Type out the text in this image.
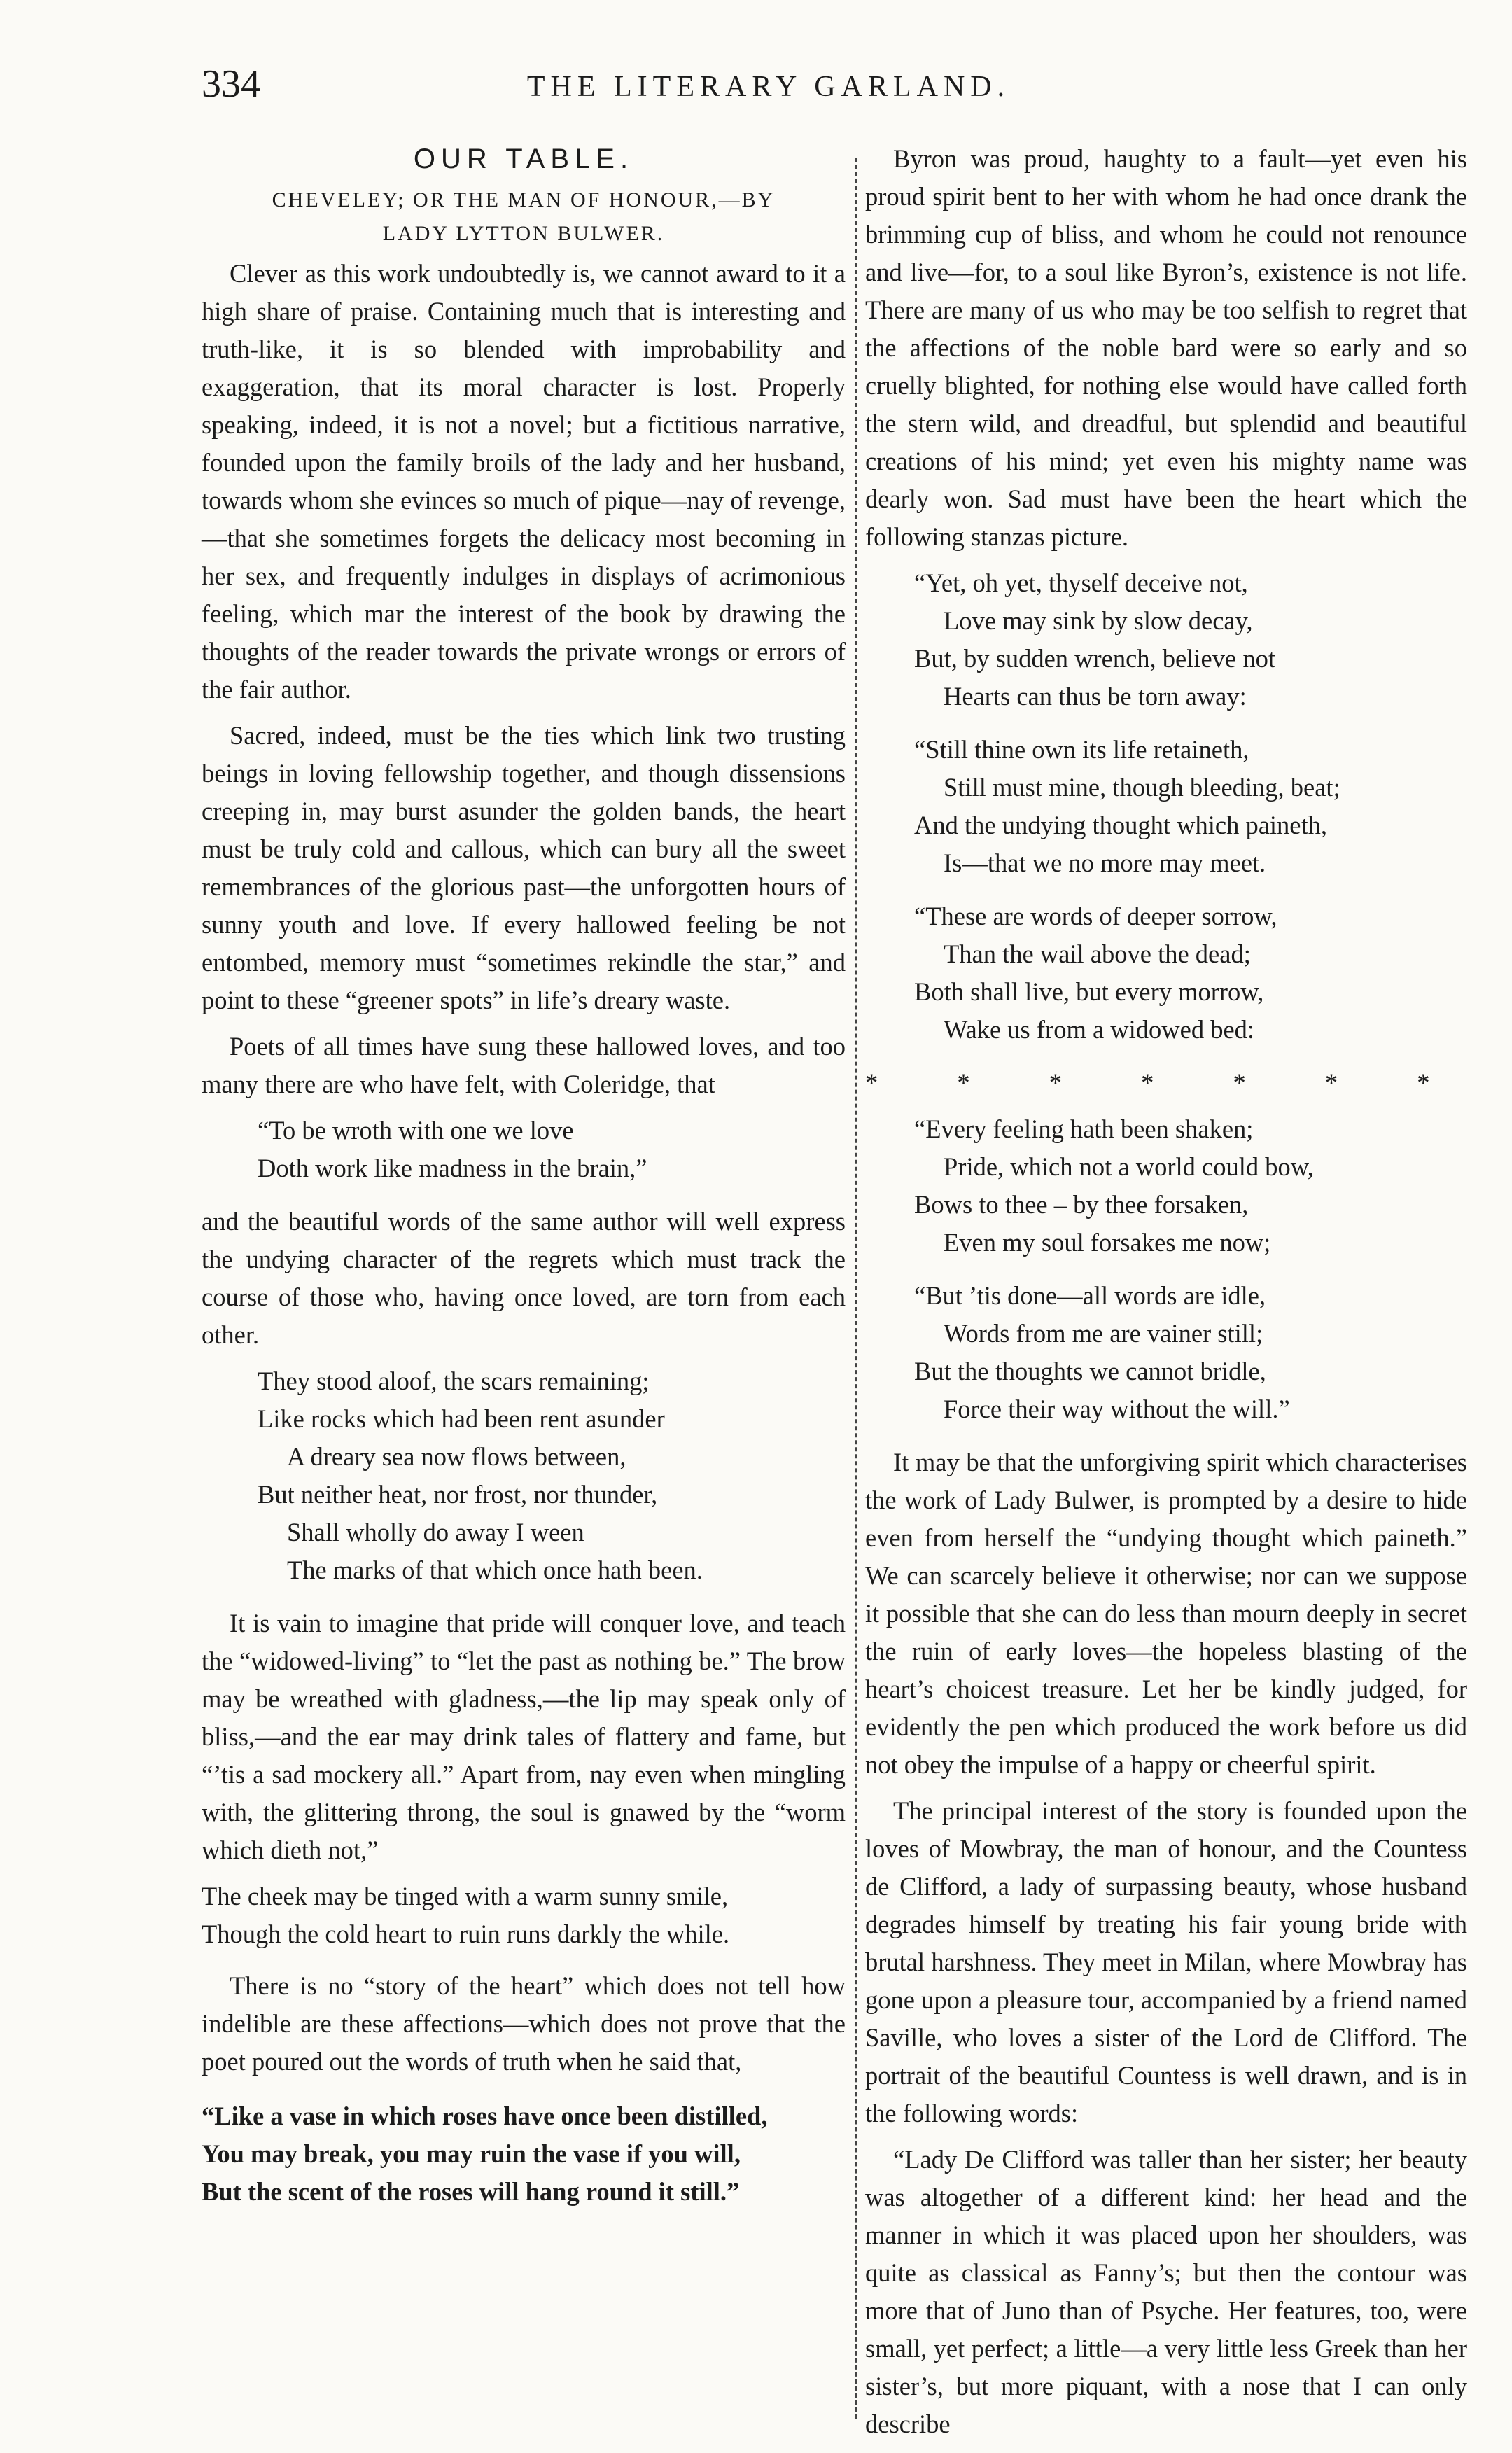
334	THE LITERARY GARLAND.
OUR TABLE.
CHEVELEY; OR THE MAN OF HONOUR,—BY
LADY LYTTON BULWER.

Clever as this work undoubtedly is, we cannot award to it a high share of praise. Containing much that is interesting and truth-like, it is so blended with improbability and exaggeration, that its moral character is lost. Properly speaking, indeed, it is not a novel; but a fictitious narrative, founded upon the family broils of the lady and her husband, towards whom she evinces so much of pique—nay of revenge,—that she sometimes forgets the delicacy most becoming in her sex, and frequently indulges in displays of acrimonious feeling, which mar the interest of the book by drawing the thoughts of the reader towards the private wrongs or errors of the fair author.

Sacred, indeed, must be the ties which link two trusting beings in loving fellowship together, and though dissensions creeping in, may burst asunder the golden bands, the heart must be truly cold and callous, which can bury all the sweet remembrances of the glorious past—the unforgotten hours of sunny youth and love. If every hallowed feeling be not entombed, memory must “sometimes rekindle the star,” and point to these “greener spots” in life’s dreary waste.

Poets of all times have sung these hallowed loves, and too many there are who have felt, with Coleridge, that

“To be wroth with one we love
Doth work like madness in the brain,”

and the beautiful words of the same author will well express the undying character of the regrets which must track the course of those who, having once loved, are torn from each other.

They stood aloof, the scars remaining;
Like rocks which had been rent asunder
A dreary sea now flows between,
But neither heat, nor frost, nor thunder,
Shall wholly do away I ween
The marks of that which once hath been.

It is vain to imagine that pride will conquer love, and teach the “widowed-living” to “let the past as nothing be.” The brow may be wreathed with gladness,—the lip may speak only of bliss,—and the ear may drink tales of flattery and fame, but “’tis a sad mockery all.” Apart from, nay even when mingling with, the glittering throng, the soul is gnawed by the “worm which dieth not,”

The cheek may be tinged with a warm sunny smile,
Though the cold heart to ruin runs darkly the while.

There is no “story of the heart” which does not tell how indelible are these affections—which does not prove that the poet poured out the words of truth when he said that,

“Like a vase in which roses have once been distilled,
You may break, you may ruin the vase if you will,
But the scent of the roses will hang round it still.”

Byron was proud, haughty to a fault—yet even his proud spirit bent to her with whom he had once drank the brimming cup of bliss, and whom he could not renounce and live—for, to a soul like Byron’s, existence is not life. There are many of us who may be too selfish to regret that the affections of the noble bard were so early and so cruelly blighted, for nothing else would have called forth the stern wild, and dreadful, but splendid and beautiful creations of his mind; yet even his mighty name was dearly won. Sad must have been the heart which the following stanzas picture.

“Yet, oh yet, thyself deceive not,
Love may sink by slow decay,
But, by sudden wrench, believe not
Hearts can thus be torn away:
“Still thine own its life retaineth,
Still must mine, though bleeding, beat;
And the undying thought which paineth,
Is—that we no more may meet.
“These are words of deeper sorrow,
Than the wail above the dead;
Both shall live, but every morrow,
Wake us from a widowed bed:
* * * * * * *
“Every feeling hath been shaken;
Pride, which not a world could bow,
Bows to thee – by thee forsaken,
Even my soul forsakes me now;
“But ’tis done—all words are idle,
Words from me are vainer still;
But the thoughts we cannot bridle,
Force their way without the will.”

It may be that the unforgiving spirit which characterises the work of Lady Bulwer, is prompted by a desire to hide even from herself the “undying thought which paineth.” We can scarcely believe it otherwise; nor can we suppose it possible that she can do less than mourn deeply in secret the ruin of early loves—the hopeless blasting of the heart’s choicest treasure. Let her be kindly judged, for evidently the pen which produced the work before us did not obey the impulse of a happy or cheerful spirit.

The principal interest of the story is founded upon the loves of Mowbray, the man of honour, and the Countess de Clifford, a lady of surpassing beauty, whose husband degrades himself by treating his fair young bride with brutal harshness. They meet in Milan, where Mowbray has gone upon a pleasure tour, accompanied by a friend named Saville, who loves a sister of the Lord de Clifford. The portrait of the beautiful Countess is well drawn, and is in the following words:

“Lady De Clifford was taller than her sister; her beauty was altogether of a different kind: her head and the manner in which it was placed upon her shoulders, was quite as classical as Fanny’s; but then the contour was more that of Juno than of Psyche. Her features, too, were small, yet perfect; a little—a very little less Greek than her sister’s, but more piquant, with a nose that I can only describe
